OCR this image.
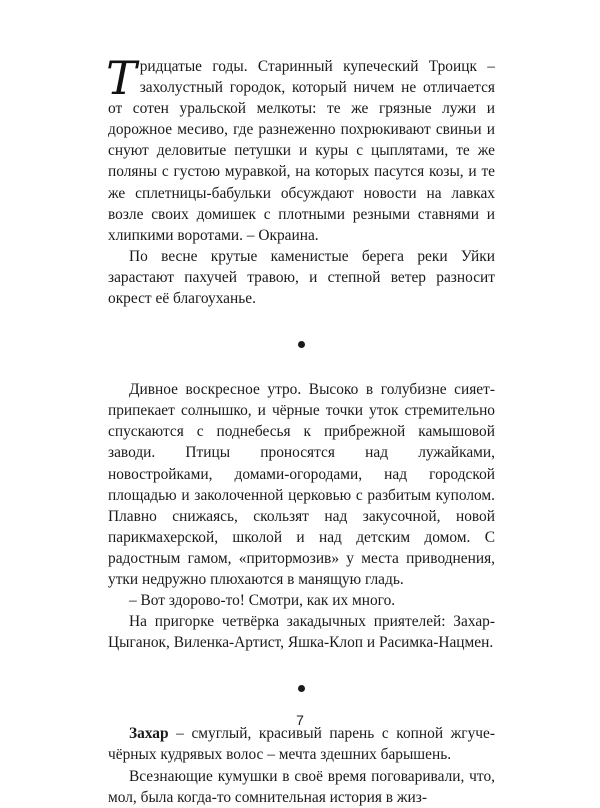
Тридцатые годы. Старинный купеческий Троицк – захолустный городок, который ничем не отличается от сотен уральской мелкоты: те же грязные лужи и дорожное месиво, где разнеженно похрюкивают свиньи и снуют деловитые петушки и куры с цыплятами, те же поляны с густою муравкой, на которых пасутся козы, и те же сплетницы-бабульки обсуждают новости на лавках возле своих домишек с плотными резными ставнями и хлипкими воротами. – Окраина.

По весне крутые каменистые берега реки Уйки зарастают пахучей травою, и степной ветер разносит окрест её благоуханье.

Дивное воскресное утро. Высоко в голубизне сияет-припекает солнышко, и чёрные точки уток стремительно спускаются с поднебесья к прибрежной камышовой заводи. Птицы проносятся над лужайками, новостройками, домами-огородами, над городской площадью и заколоченной церковью с разбитым куполом. Плавно снижаясь, скользят над закусочной, новой парикмахерской, школой и над детским домом. С радостным гамом, «притормозив» у места приводнения, утки недружно плюхаются в манящую гладь.

– Вот здорово-то! Смотри, как их много.

На пригорке четвёрка закадычных приятелей: Захар-Цыганок, Виленка-Артист, Яшка-Клоп и Расимка-Нацмен.

Захар – смуглый, красивый парень с копной жгуче-чёрных кудрявых волос – мечта здешних барышень.

Всезнающие кумушки в своё время поговаривали, что, мол, была когда-то сомнительная история в жиз-

7
